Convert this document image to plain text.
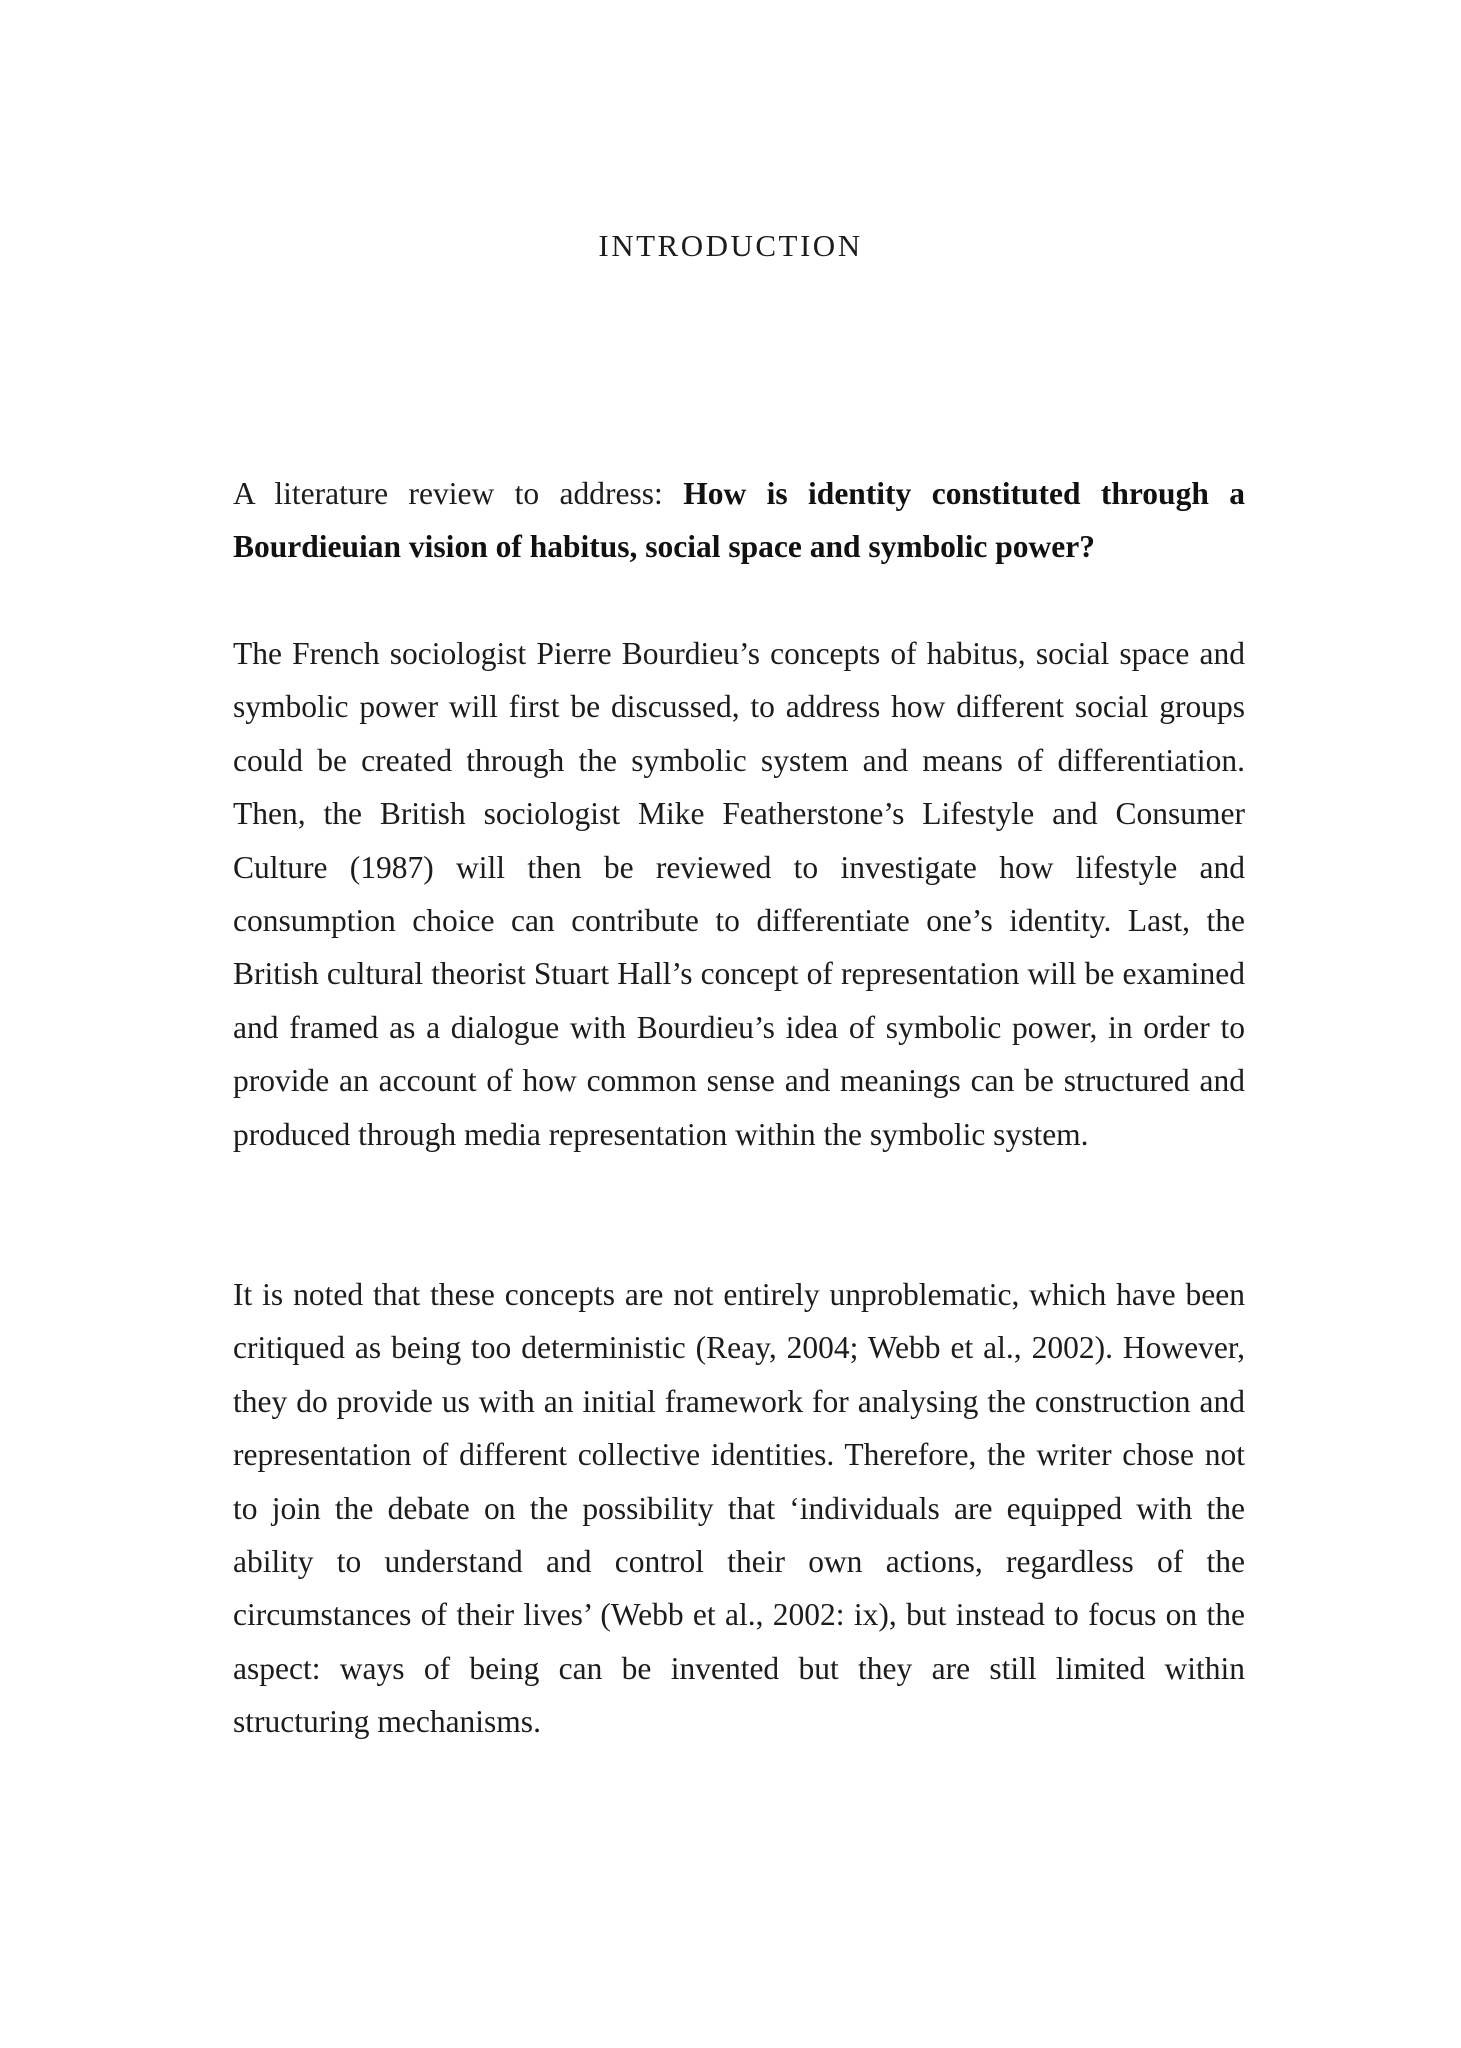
INTRODUCTION

A literature review to address: How is identity constituted through a Bourdieuian vision of habitus, social space and symbolic power?

The French sociologist Pierre Bourdieu’s concepts of habitus, social space and symbolic power will first be discussed, to address how different social groups could be created through the symbolic system and means of differentiation. Then, the British sociologist Mike Featherstone’s Lifestyle and Consumer Culture (1987) will then be reviewed to investigate how lifestyle and consumption choice can contribute to differentiate one’s identity. Last, the British cultural theorist Stuart Hall’s concept of representation will be examined and framed as a dialogue with Bourdieu’s idea of symbolic power, in order to provide an account of how common sense and meanings can be structured and produced through media representation within the symbolic system.

It is noted that these concepts are not entirely unproblematic, which have been critiqued as being too deterministic (Reay, 2004; Webb et al., 2002). However, they do provide us with an initial framework for analysing the construction and representation of different collective identities. Therefore, the writer chose not to join the debate on the possibility that ‘individuals are equipped with the ability to understand and control their own actions, regardless of the circumstances of their lives’ (Webb et al., 2002: ix), but instead to focus on the aspect: ways of being can be invented but they are still limited within structuring mechanisms.
